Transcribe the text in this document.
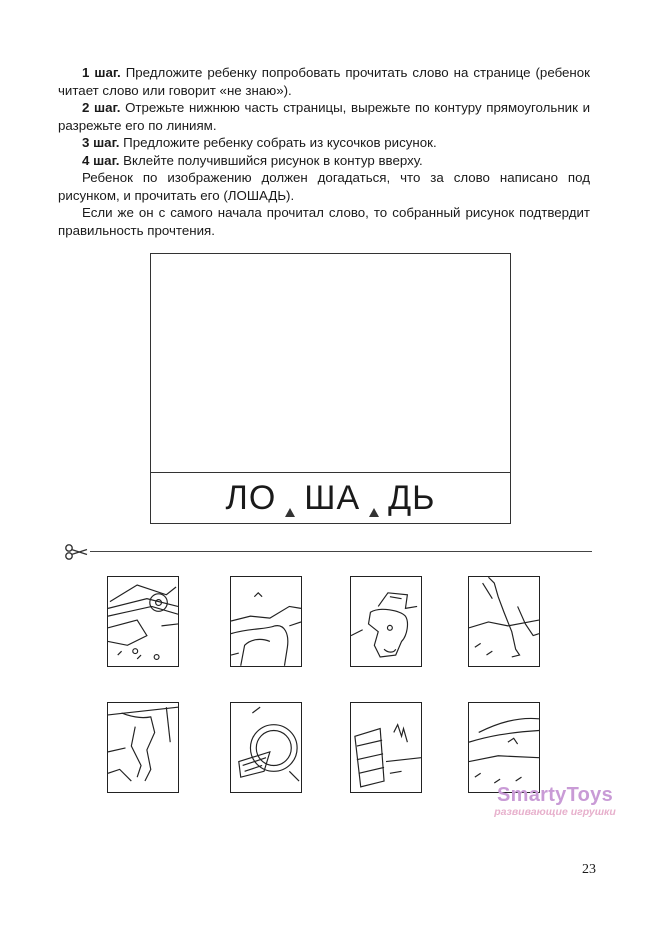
1 шаг. Предложите ребенку попробовать прочитать слово на странице (ребенок читает слово или говорит «не знаю»).

2 шаг. Отрежьте нижнюю часть страницы, вырежьте по контуру прямоугольник и разрежьте его по линиям.

3 шаг. Предложите ребенку собрать из кусочков рисунок.

4 шаг. Вклейте получившийся рисунок в контур вверху.

Ребенок по изображению должен догадаться, что за слово написано под рисунком, и прочитать его (ЛОШАДЬ).

Если же он с самого начала прочитал слово, то собранный рисунок подтвердит правильность прочтения.

ЛО ША ДЬ
SmartyToys
развивающие игрушки
23
